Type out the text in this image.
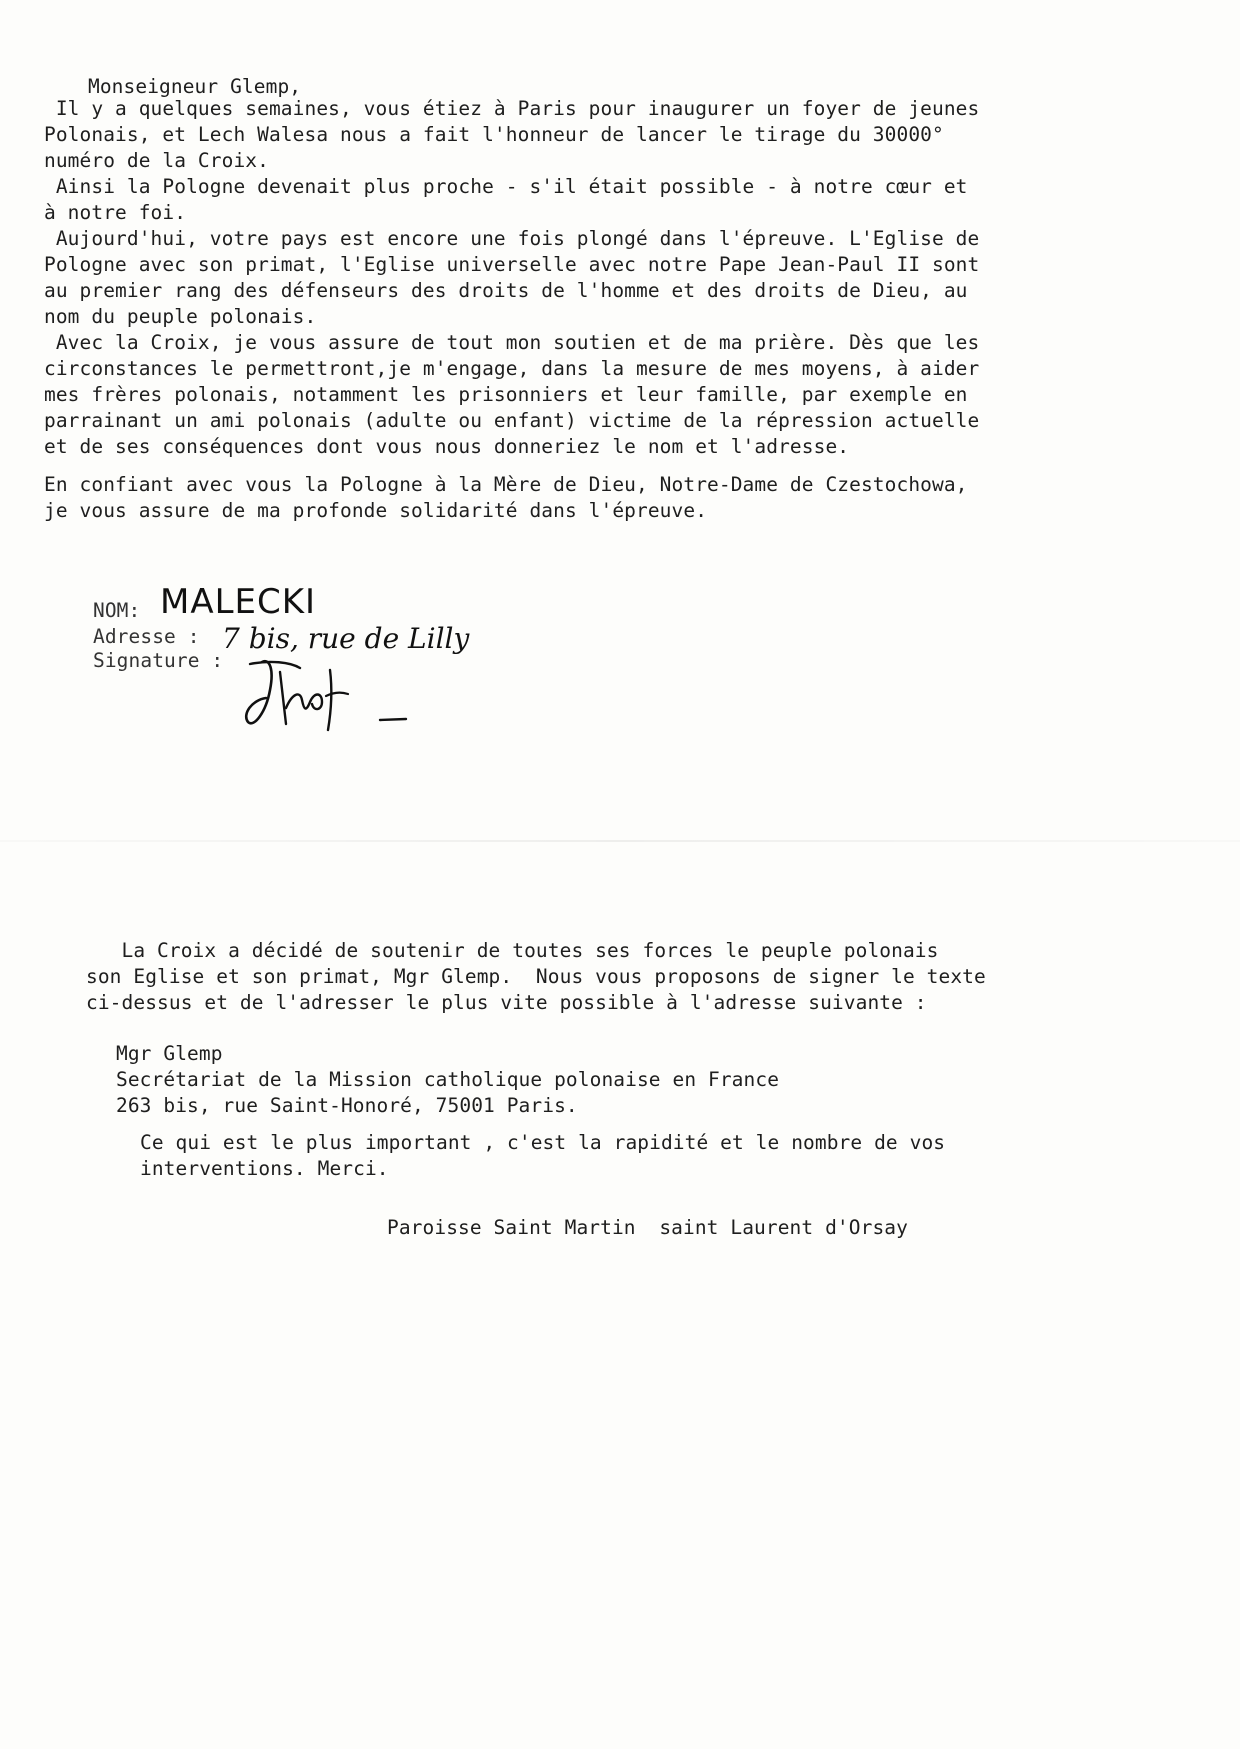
Monseigneur Glemp,
Il y a quelques semaines, vous étiez à Paris pour inaugurer un foyer de jeunes
Polonais, et Lech Walesa nous a fait l'honneur de lancer le tirage du 30000°
numéro de la Croix.
Ainsi la Pologne devenait plus proche - s'il était possible - à notre cœur et
à notre foi.
Aujourd'hui, votre pays est encore une fois plongé dans l'épreuve. L'Eglise de
Pologne avec son primat, l'Eglise universelle avec notre Pape Jean-Paul II sont
au premier rang des défenseurs des droits de l'homme et des droits de Dieu, au
nom du peuple polonais.
Avec la Croix, je vous assure de tout mon soutien et de ma prière. Dès que les
circonstances le permettront,je m'engage, dans la mesure de mes moyens, à aider
mes frères polonais, notamment les prisonniers et leur famille, par exemple en
parrainant un ami polonais (adulte ou enfant) victime de la répression actuelle
et de ses conséquences dont vous nous donneriez le nom et l'adresse.
En confiant avec vous la Pologne à la Mère de Dieu, Notre-Dame de Czestochowa,
je vous assure de ma profonde solidarité dans l'épreuve.
NOM: MALECKI
Adresse : 7 bis, rue de Lilly
Signature :
La Croix a décidé de soutenir de toutes ses forces le peuple polonais
son Eglise et son primat, Mgr Glemp.  Nous vous proposons de signer le texte
ci-dessus et de l'adresser le plus vite possible à l'adresse suivante :
Mgr Glemp
Secrétariat de la Mission catholique polonaise en France
263 bis, rue Saint-Honoré, 75001 Paris.
Ce qui est le plus important , c'est la rapidité et le nombre de vos
interventions. Merci.
Paroisse Saint Martin  saint Laurent d'Orsay
